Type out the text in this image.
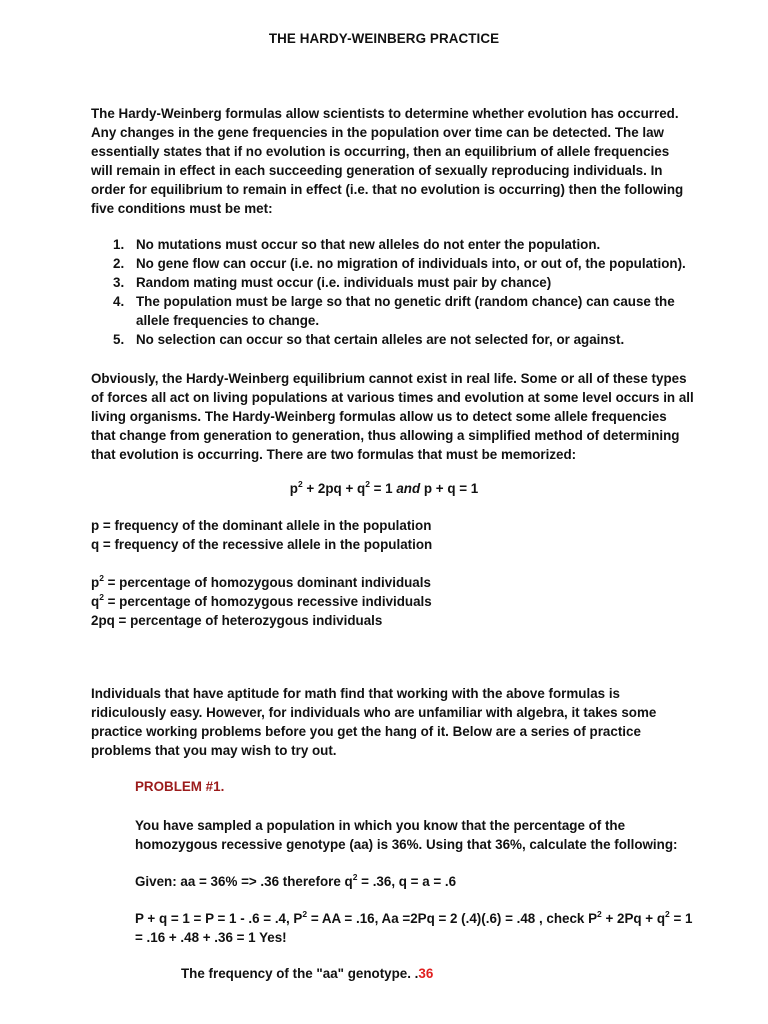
THE HARDY-WEINBERG PRACTICE
The Hardy-Weinberg formulas allow scientists to determine whether evolution has occurred.
Any changes in the gene frequencies in the population over time can be detected. The law
essentially states that if no evolution is occurring, then an equilibrium of allele frequencies
will remain in effect in each succeeding generation of sexually reproducing individuals. In
order for equilibrium to remain in effect (i.e. that no evolution is occurring) then the following
five conditions must be met:
1. No mutations must occur so that new alleles do not enter the population.
2. No gene flow can occur (i.e. no migration of individuals into, or out of, the population).
3. Random mating must occur (i.e. individuals must pair by chance)
4. The population must be large so that no genetic drift (random chance) can cause the
allele frequencies to change.
5. No selection can occur so that certain alleles are not selected for, or against.
Obviously, the Hardy-Weinberg equilibrium cannot exist in real life. Some or all of these types
of forces all act on living populations at various times and evolution at some level occurs in all
living organisms. The Hardy-Weinberg formulas allow us to detect some allele frequencies
that change from generation to generation, thus allowing a simplified method of determining
that evolution is occurring. There are two formulas that must be memorized:
$p^2 + 2pq + q^2 = 1$ and p + q = 1
p = frequency of the dominant allele in the population
q = frequency of the recessive allele in the population
$p^2$ = percentage of homozygous dominant individuals
$q^2$ = percentage of homozygous recessive individuals
2pq = percentage of heterozygous individuals
Individuals that have aptitude for math find that working with the above formulas is
ridiculously easy. However, for individuals who are unfamiliar with algebra, it takes some
practice working problems before you get the hang of it. Below are a series of practice
problems that you may wish to try out.
PROBLEM #1.
You have sampled a population in which you know that the percentage of the
homozygous recessive genotype (aa) is 36%. Using that 36%, calculate the following:
Given: aa = 36% => .36 therefore $q^2 = .36$, q = a = .6
P + q = 1 = P = 1 - .6 = .4, $P^2$ = AA = .16, Aa =2Pq = 2 (.4)(.6) = .48 , check $P^2 + 2Pq + q^2 = 1$
= .16 + .48 + .36 = 1 Yes!
The frequency of the "aa" genotype. .36
